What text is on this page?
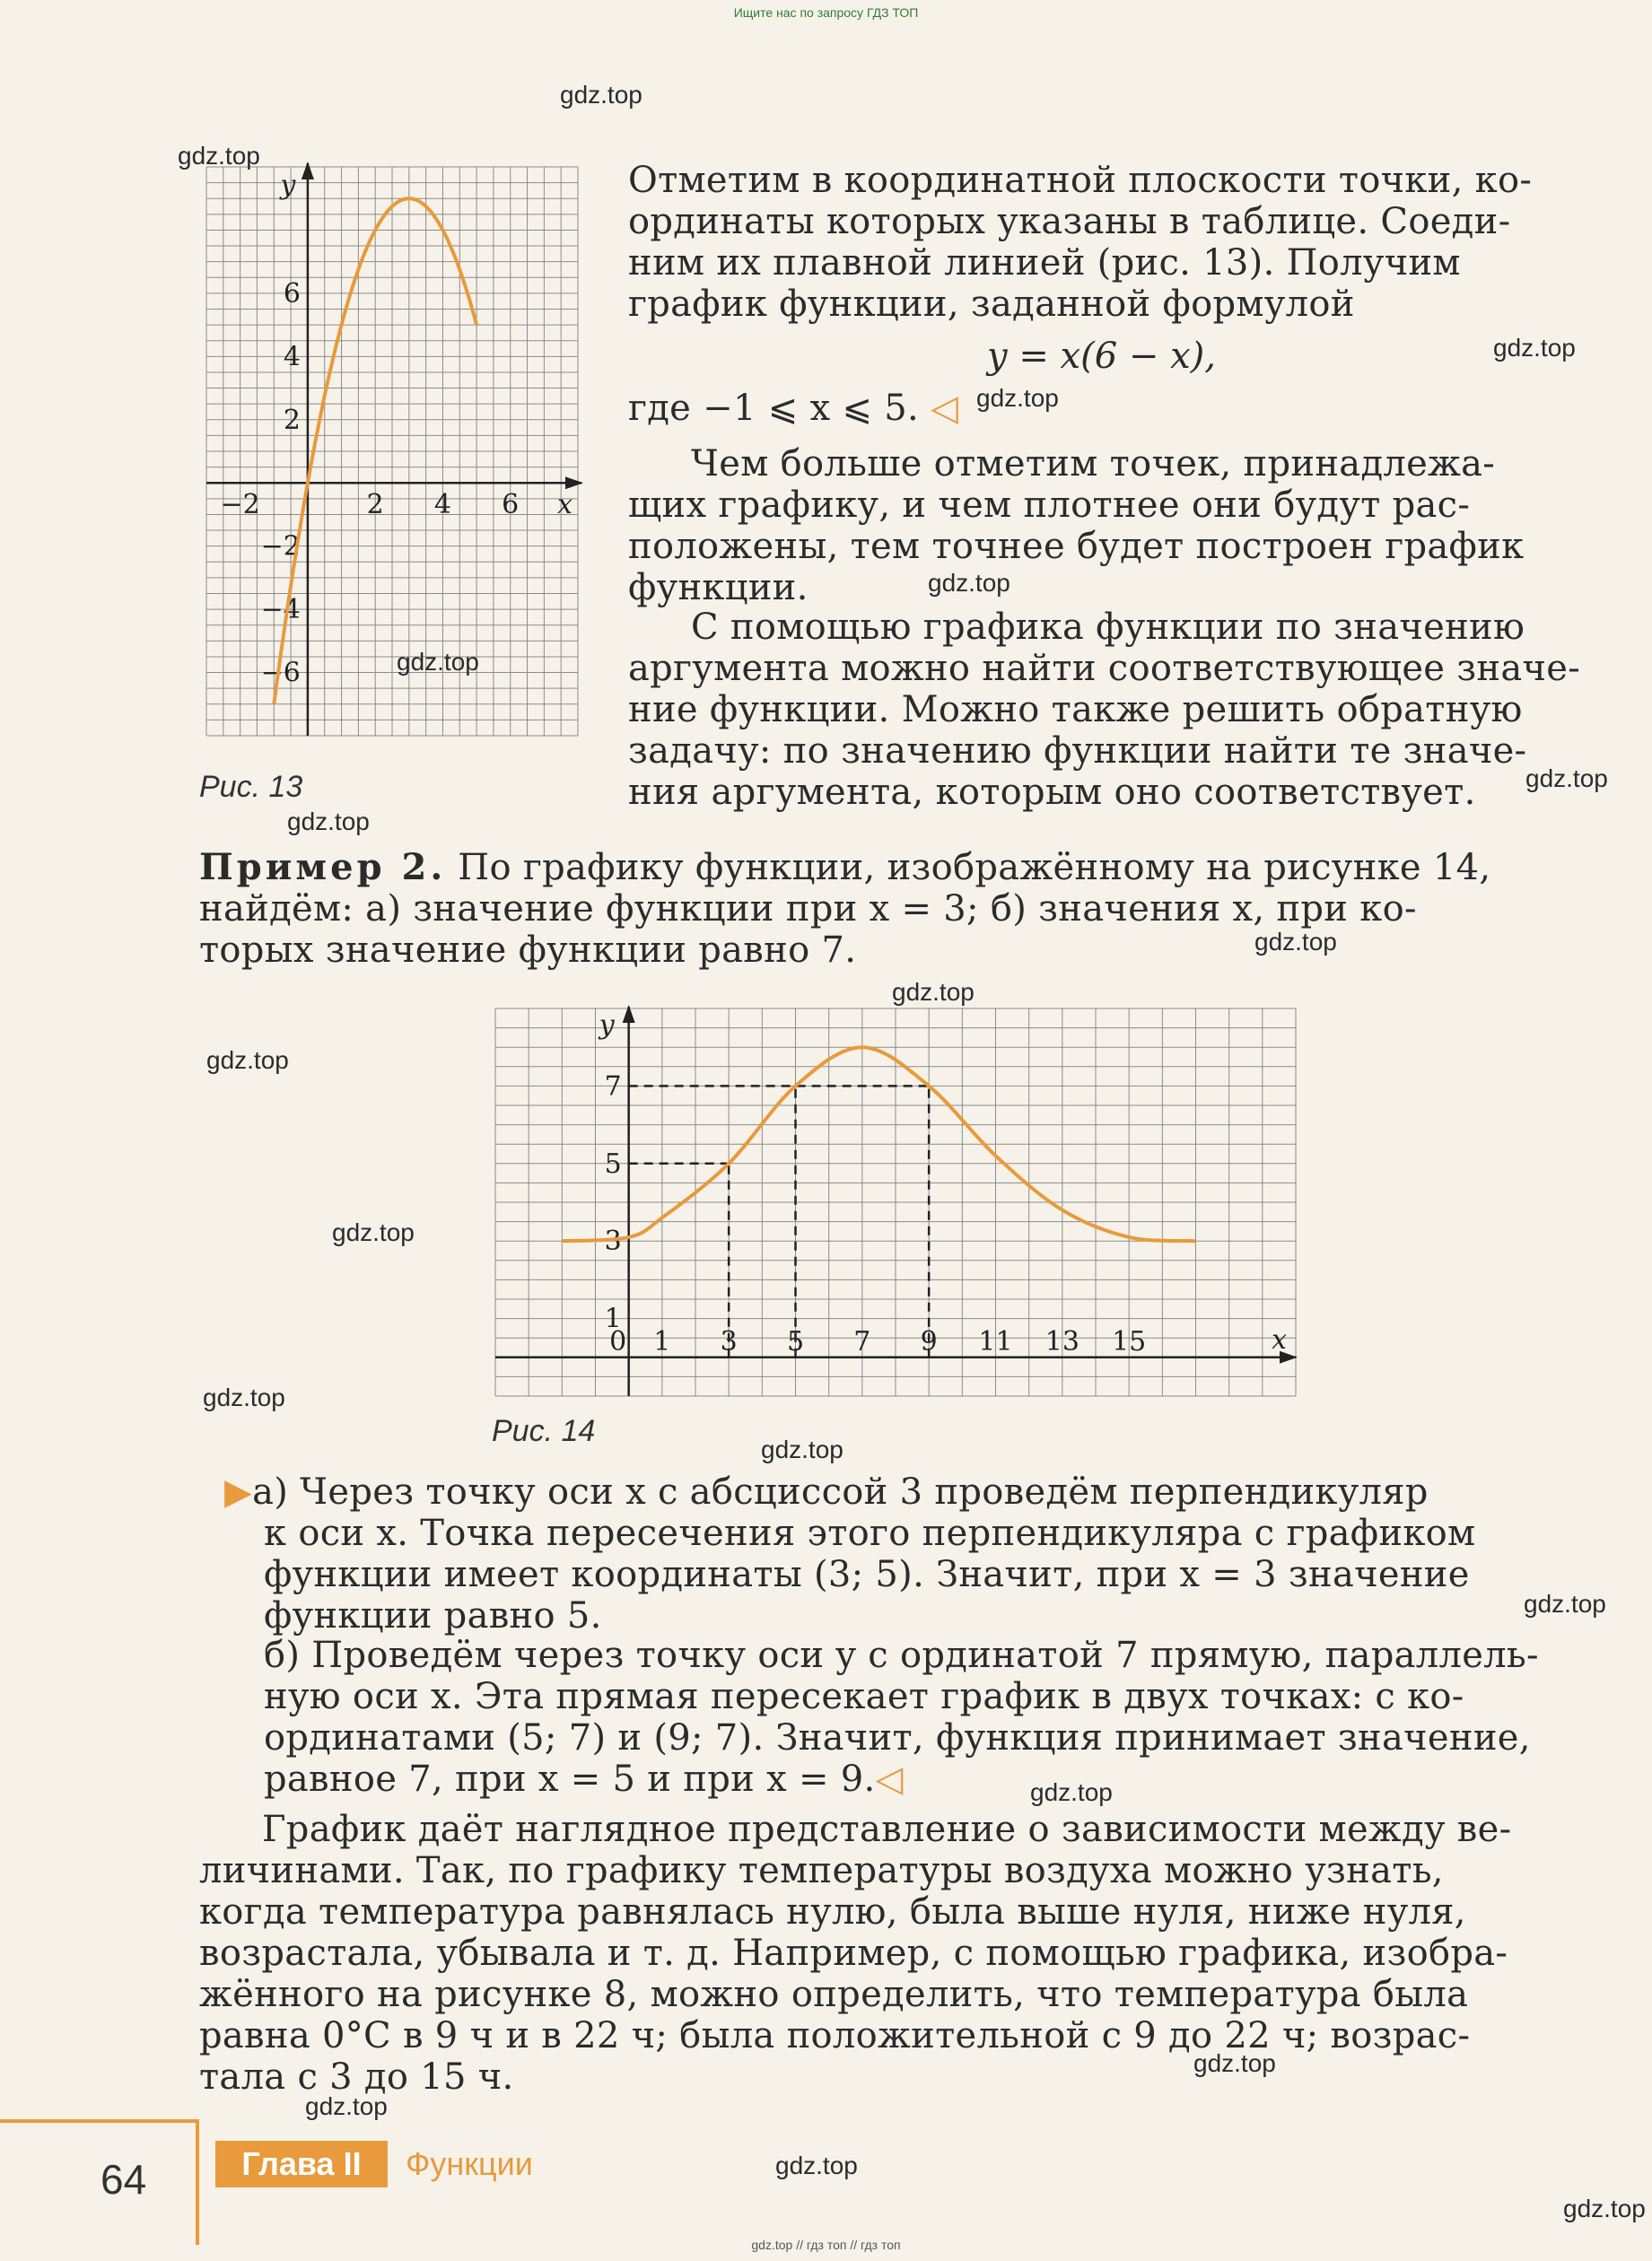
Ищите нас по запросу ГДЗ ТОП
−2	2 4 6
6
4
2
−2
−4
−6
x
y
Рис. 13

Отметим в координатной плоскости точки, ко-
ординаты которых указаны в таблице. Соеди-
ним их плавной линией (рис. 13). Получим
график функции, заданной формулой

y = x(6 − x),
где −1 ⩽ x ⩽ 5. ◁

Чем больше отметим точек, принадлежа-
щих графику, и чем плотнее они будут рас-
положены, тем точнее будет построен график
функции.

С помощью графика функции по значению
аргумента можно найти соответствующее значе-
ние функции. Можно также решить обратную
задачу: по значению функции найти те значе-
ния аргумента, которым оно соответствует.

Пример 2. По графику функции, изображённому на рисунке 14,
найдём: а) значение функции при x = 3; б) значения x, при ко-
торых значение функции равно 7.

0 1 3 5 7 9 11 13 15
7
5
3
1
x
y
Рис. 14

▶а) Через точку оси x с абсциссой 3 проведём перпендикуляр
к оси x. Точка пересечения этого перпендикуляра с графиком
функции имеет координаты (3; 5). Значит, при x = 3 значение
функции равно 5.

б) Проведём через точку оси y с ординатой 7 прямую, параллель-
ную оси x. Эта прямая пересекает график в двух точках: с ко-
ординатами (5; 7) и (9; 7). Значит, функция принимает значение,
равное 7, при x = 5 и при x = 9.◁

График даёт наглядное представление о зависимости между ве-
личинами. Так, по графику температуры воздуха можно узнать,
когда температура равнялась нулю, была выше нуля, ниже нуля,
возрастала, убывала и т. д. Например, с помощью графика, изобра-
жённого на рисунке 8, можно определить, что температура была
равна 0°C в 9 ч и в 22 ч; была положительной с 9 до 22 ч; возрас-
тала с 3 до 15 ч.

64	Глава II	Функции
gdz.top
gdz.top
gdz.top
gdz.top
gdz.top
gdz.top
gdz.top
gdz.top
gdz.top
gdz.top
gdz.top
gdz.top
gdz.top
gdz.top
gdz.top
gdz.top
gdz.top
gdz.top
gdz.top
gdz.top
gdz.top // гдз топ // гдз топ
